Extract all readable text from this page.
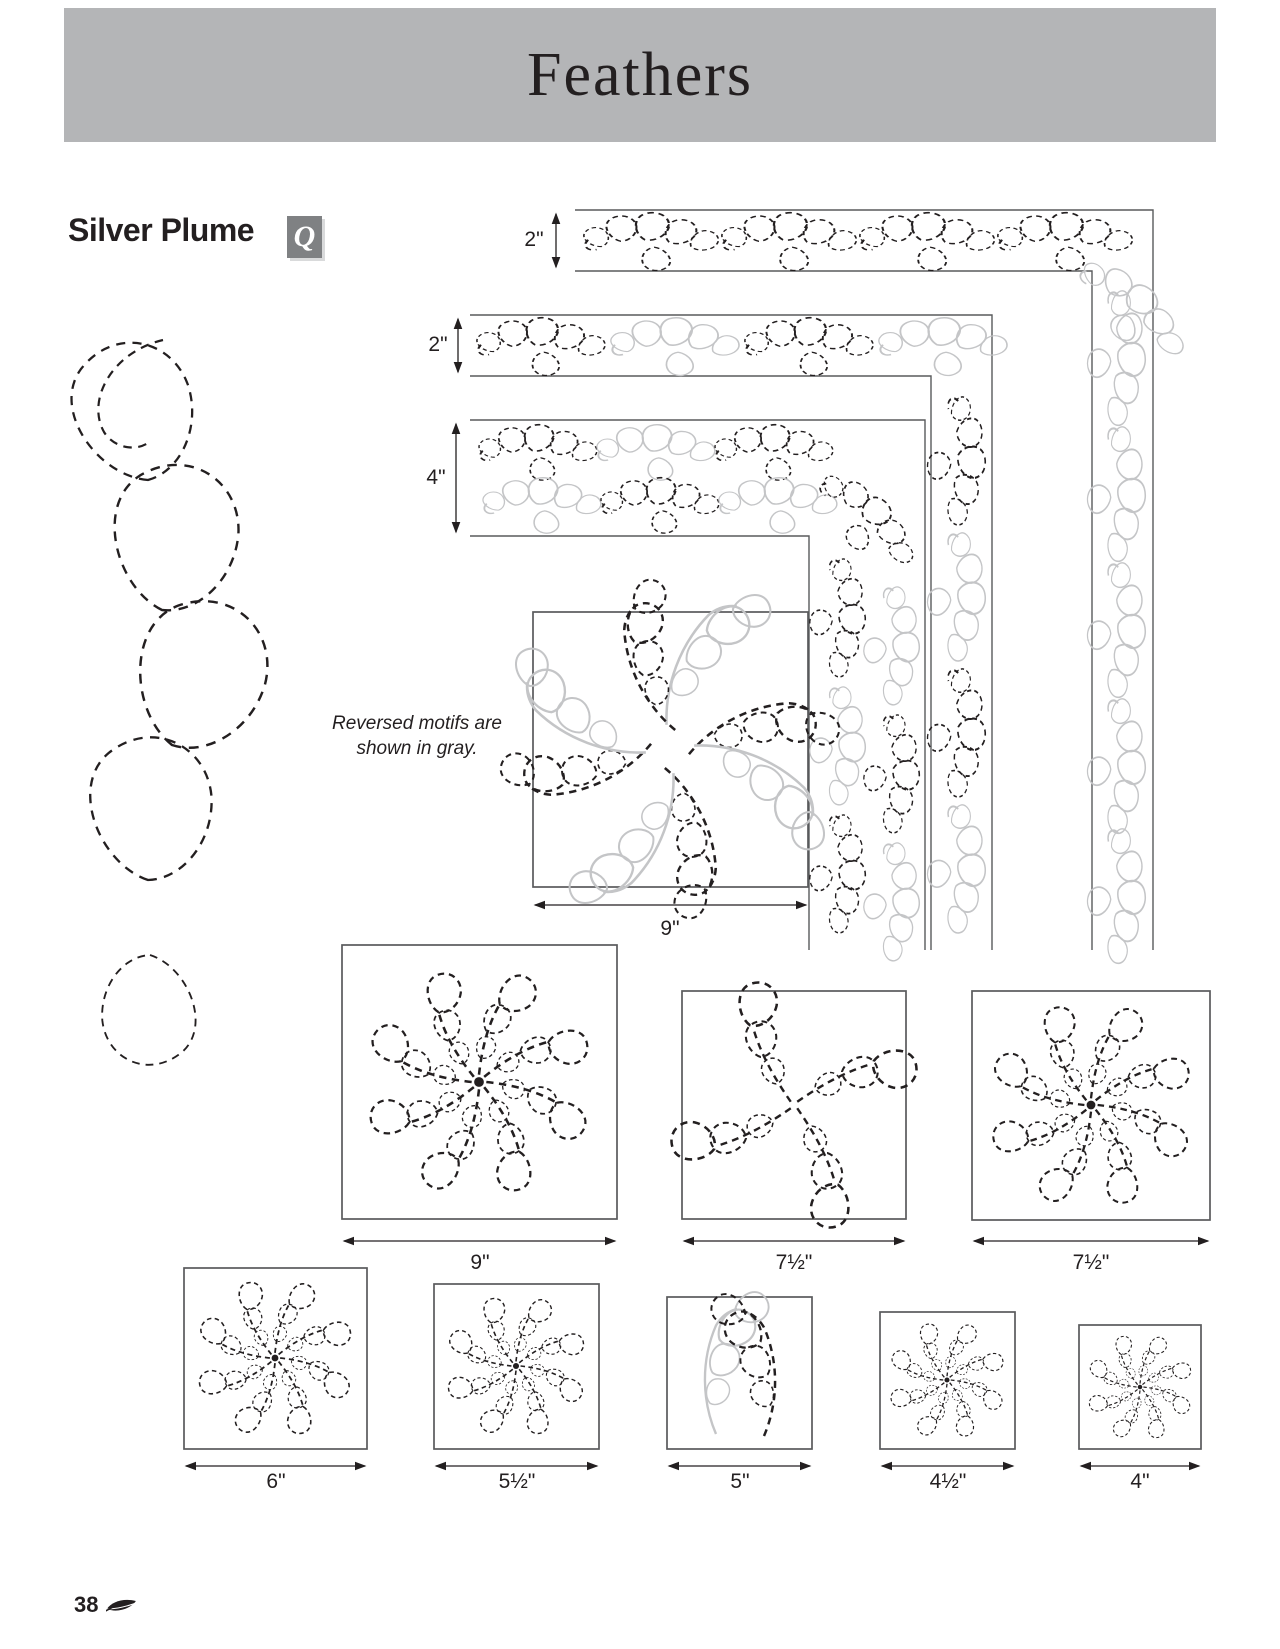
Feathers
Silver Plume Q
Reversed motifs are
shown in gray.
2"
2"
4"
9"
9"	7½"	7½"
6"	5½"	5"	4½"	4"
38
